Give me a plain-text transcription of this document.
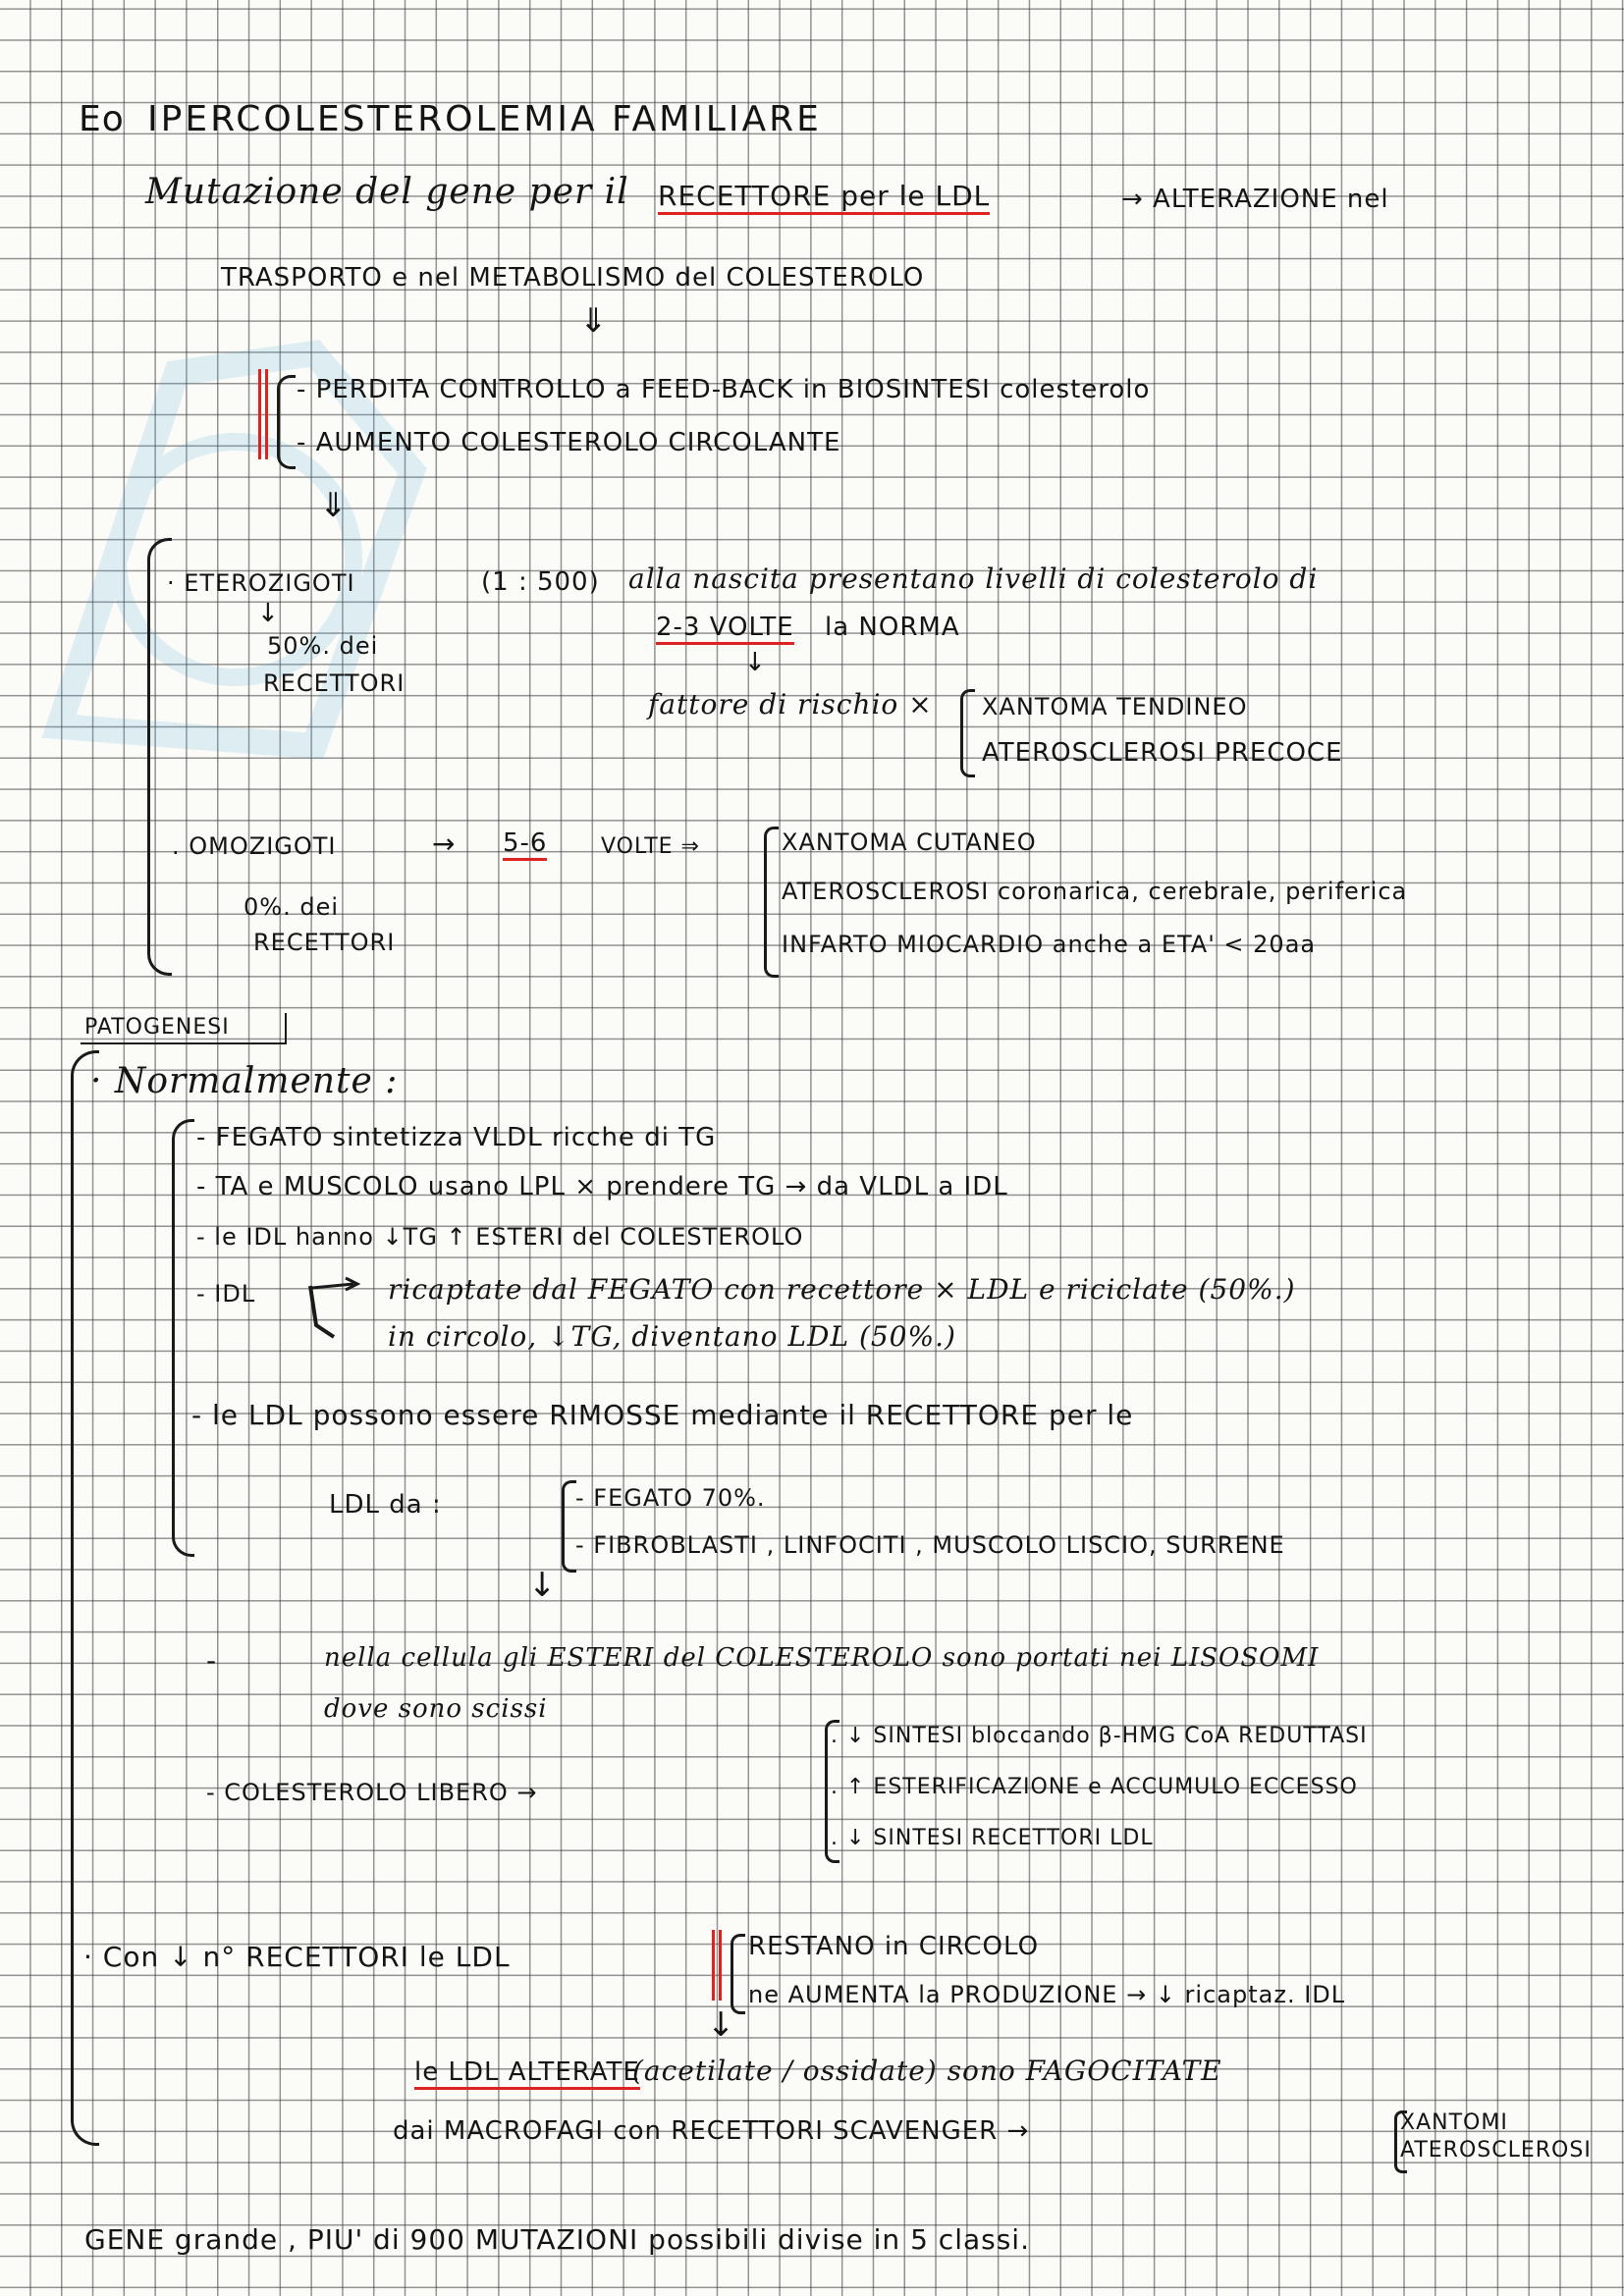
Eo IPERCOLESTEROLEMIA FAMILIARE
Mutazione del gene per il RECETTORE per le LDL	→ ALTERAZIONE nel
TRASPORTO e nel METABOLISMO del COLESTEROLO
⇓
- PERDITA CONTROLLO a FEED-BACK in BIOSINTESI colesterolo
- AUMENTO COLESTEROLO CIRCOLANTE
⇓
· ETEROZIGOTI	(1 : 500) alla nascita presentano livelli di colesterolo di
↓
50%. dei
RECETTORI
2-3 VOLTE la NORMA
↓
fattore di rischio × XANTOMA TENDINEO
ATEROSCLEROSI PRECOCE
. OMOZIGOTI	→ 5-6 VOLTE ⇒
0%. dei
RECETTORI
XANTOMA CUTANEO
ATEROSCLEROSI coronarica, cerebrale, periferica
INFARTO MIOCARDIO anche a ETA' < 20aa
PATOGENESI
· Normalmente :
- FEGATO sintetizza VLDL ricche di TG
- TA e MUSCOLO usano LPL × prendere TG → da VLDL a IDL
- le IDL hanno ↓TG ↑ ESTERI del COLESTEROLO
- IDL	ricaptate dal FEGATO con recettore × LDL e riciclate (50%.)
in circolo, ↓TG, diventano LDL (50%.)
- le LDL possono essere RIMOSSE mediante il RECETTORE per le
LDL da :	- FEGATO 70%.
- FIBROBLASTI , LINFOCITI , MUSCOLO LISCIO, SURRENE
↓
-	nella cellula gli ESTERI del COLESTEROLO sono portati nei LISOSOMI
dove sono scissi
- COLESTEROLO LIBERO →
. ↓ SINTESI bloccando β-HMG CoA REDUTTASI
. ↑ ESTERIFICAZIONE e ACCUMULO ECCESSO
. ↓ SINTESI RECETTORI LDL
· Con ↓ n° RECETTORI le LDL	RESTANO in CIRCOLO
ne AUMENTA la PRODUZIONE → ↓ ricaptaz. IDL
↓
le LDL ALTERATE
(acetilate / ossidate) sono FAGOCITATE
dai MACROFAGI con RECETTORI SCAVENGER →	XANTOMI
ATEROSCLEROSI
GENE grande , PIU' di 900 MUTAZIONI possibili divise in 5 classi.
